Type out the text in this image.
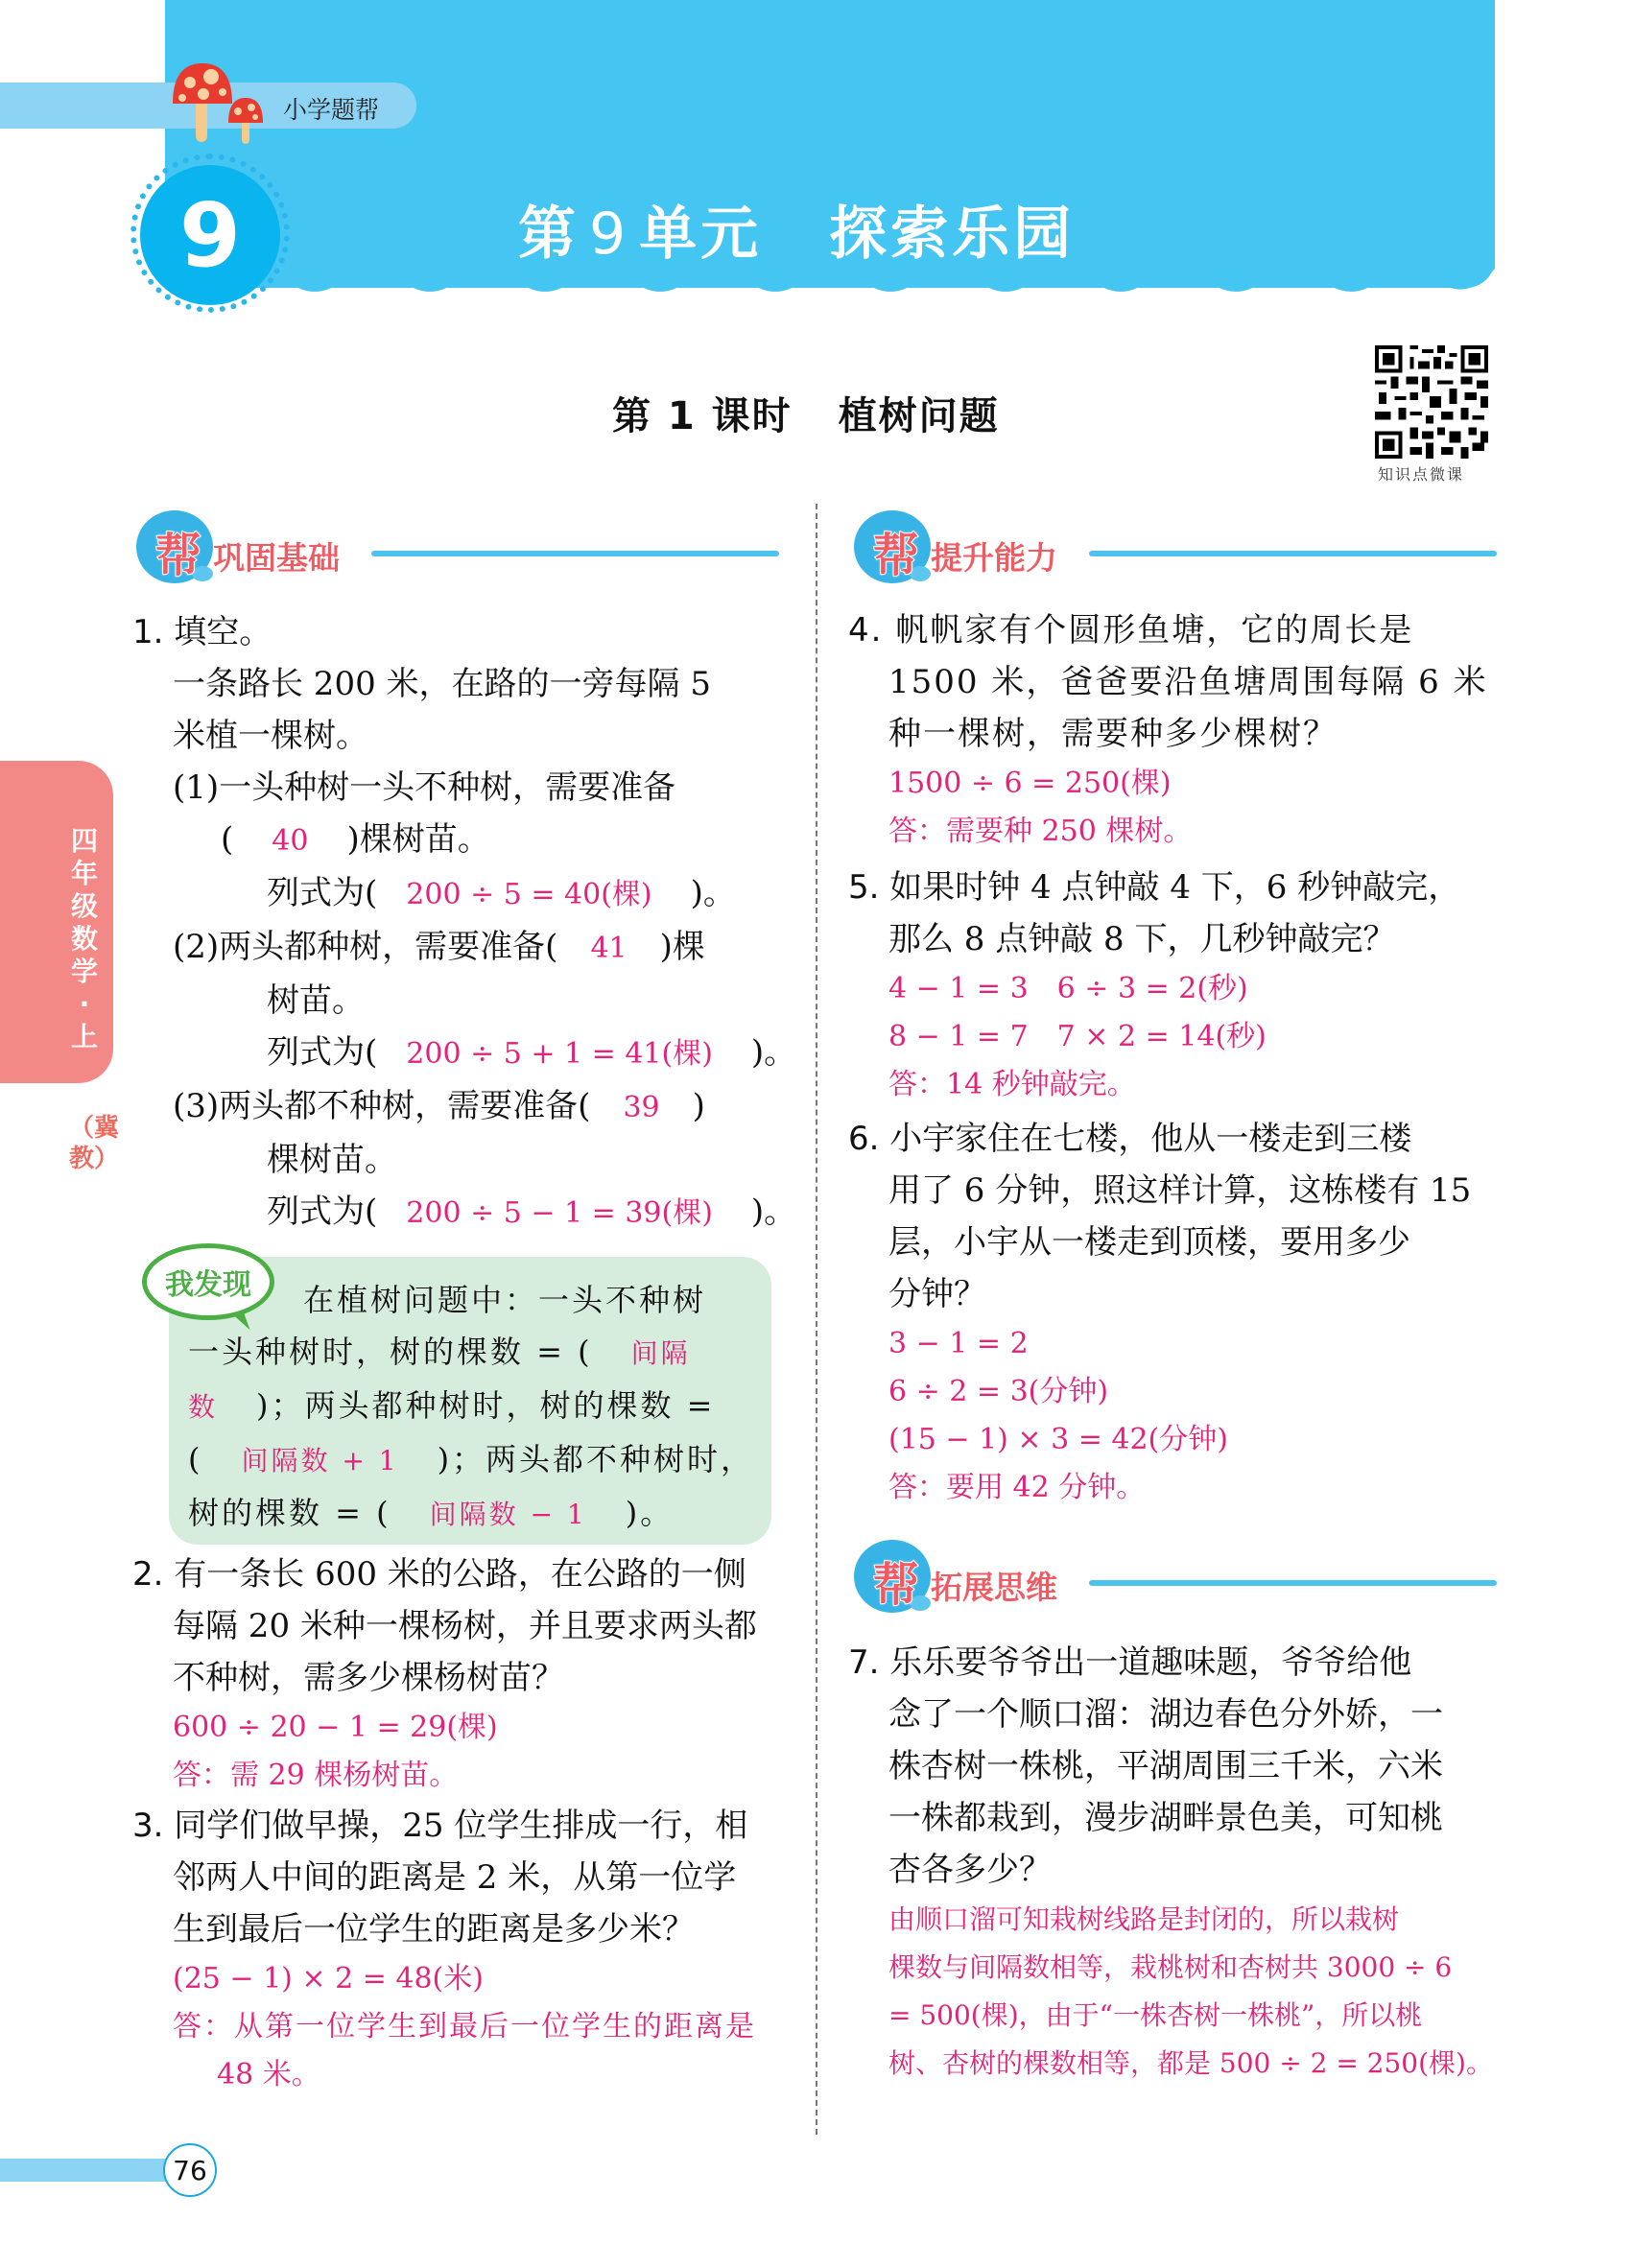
小学题帮
9	第 9 单元 探索乐园
第 1 课时 植树问题
知识点微课
四年级数学·上
（冀教）
帮 巩固基础
1. 填空。
一条路长 200 米，在路的一旁每隔 5
米植一棵树。
(1)一头种树一头不种树，需要准备
( 40 )棵树苗。
列式为( 200 ÷ 5 = 40(棵) )。
(2)两头都种树，需要准备( 41 )棵
树苗。
列式为( 200 ÷ 5 + 1 = 41(棵) )。
(3)两头都不种树，需要准备( 39 )
棵树苗。
列式为( 200 ÷ 5 − 1 = 39(棵) )。
我发现	在植树问题中：一头不种树
一头种树时，树的棵数 = ( 间隔
数 )；两头都种树时，树的棵数 =
( 间隔数 + 1 )；两头都不种树时，
树的棵数 = ( 间隔数 − 1 )。
2. 有一条长 600 米的公路，在公路的一侧
每隔 20 米种一棵杨树，并且要求两头都
不种树，需多少棵杨树苗？
600 ÷ 20 − 1 = 29(棵)
答：需 29 棵杨树苗。
3. 同学们做早操，25 位学生排成一行，相
邻两人中间的距离是 2 米，从第一位学
生到最后一位学生的距离是多少米？
(25 − 1) × 2 = 48(米)
答：从第一位学生到最后一位学生的距离是
48 米。
帮 提升能力
4. 帆帆家有个圆形鱼塘，它的周长是
1500 米，爸爸要沿鱼塘周围每隔 6 米
种一棵树，需要种多少棵树？
1500 ÷ 6 = 250(棵)
答：需要种 250 棵树。
5. 如果时钟 4 点钟敲 4 下，6 秒钟敲完，
那么 8 点钟敲 8 下，几秒钟敲完？
4 − 1 = 3　6 ÷ 3 = 2(秒)
8 − 1 = 7　7 × 2 = 14(秒)
答：14 秒钟敲完。
6. 小宇家住在七楼，他从一楼走到三楼
用了 6 分钟，照这样计算，这栋楼有 15
层，小宇从一楼走到顶楼，要用多少
分钟？
3 − 1 = 2
6 ÷ 2 = 3(分钟)
(15 − 1) × 3 = 42(分钟)
答：要用 42 分钟。
帮 拓展思维
7. 乐乐要爷爷出一道趣味题，爷爷给他
念了一个顺口溜：湖边春色分外娇，一
株杏树一株桃，平湖周围三千米，六米
一株都栽到，漫步湖畔景色美，可知桃
杏各多少？
由顺口溜可知栽树线路是封闭的，所以栽树
棵数与间隔数相等，栽桃树和杏树共 3000 ÷ 6
= 500(棵)，由于“一株杏树一株桃”，所以桃
树、杏树的棵数相等，都是 500 ÷ 2 = 250(棵)。
76
